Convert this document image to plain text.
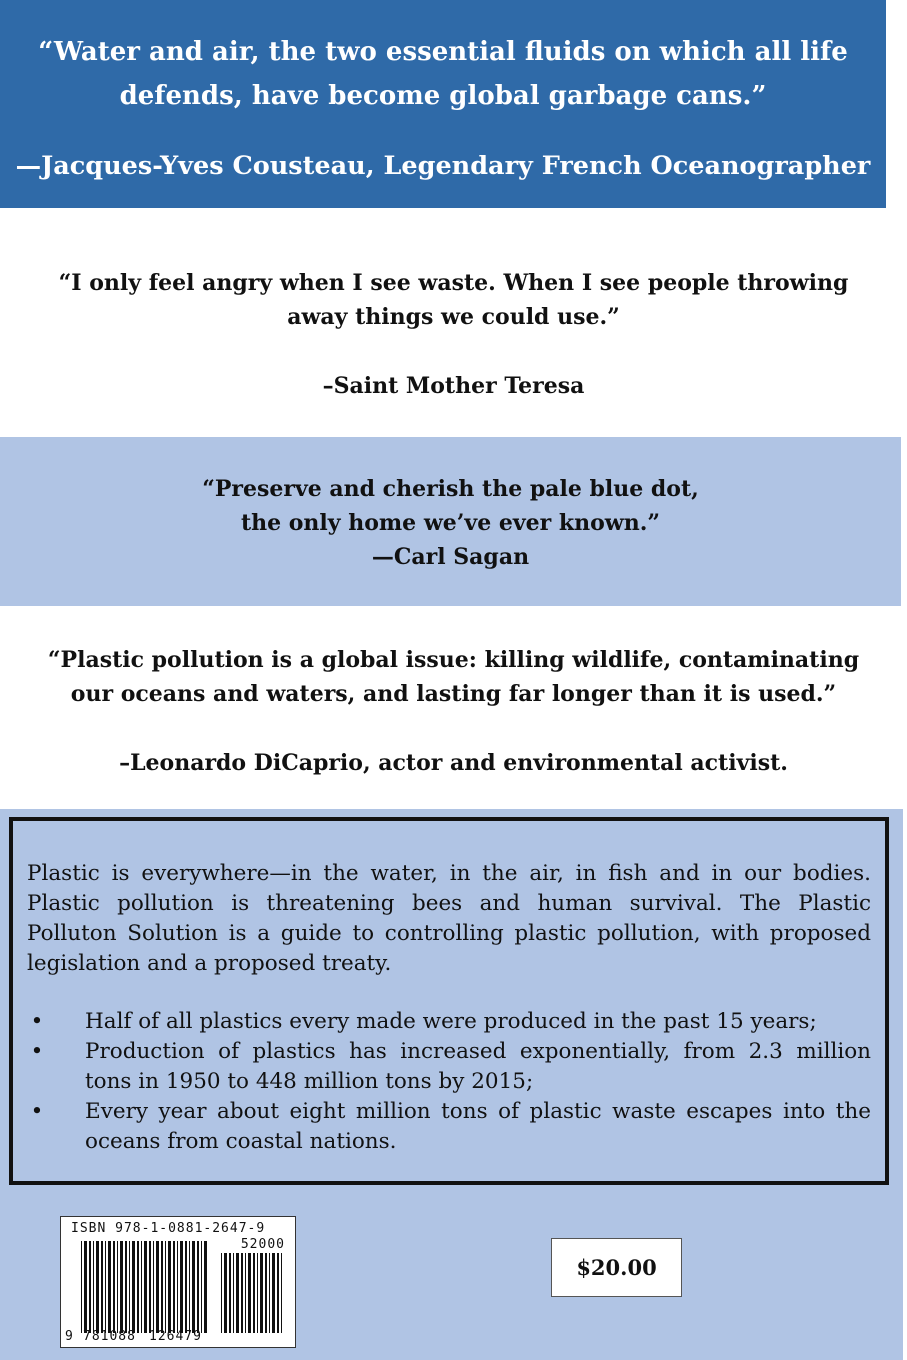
“Water and air, the two essential fluids on which all life
defends, have become global garbage cans.”
—Jacques-Yves Cousteau, Legendary French Oceanographer
“I only feel angry when I see waste. When I see people throwing
away things we could use.”
–Saint Mother Teresa
“Preserve and cherish the pale blue dot,
the only home we’ve ever known.”
—Carl Sagan
“Plastic pollution is a global issue: killing wildlife, contaminating
our oceans and waters, and lasting far longer than it is used.”
–Leonardo DiCaprio, actor and environmental activist.
Plastic is everywhere—in the water, in the air, in fish and in our bodies. Plastic pollution is threatening bees and human survival. The Plastic Polluton Solution is a guide to controlling plastic pollution, with proposed legislation and a proposed treaty.
• Half of all plastics every made were produced in the past 15 years;
• Production of plastics has increased exponentially, from 2.3 million tons in 1950 to 448 million tons by 2015;
• Every year about eight million tons of plastic waste escapes into the oceans from coastal nations.
ISBN 978-1-0881-2647-9
52000
9 781088 126479
$20.00
